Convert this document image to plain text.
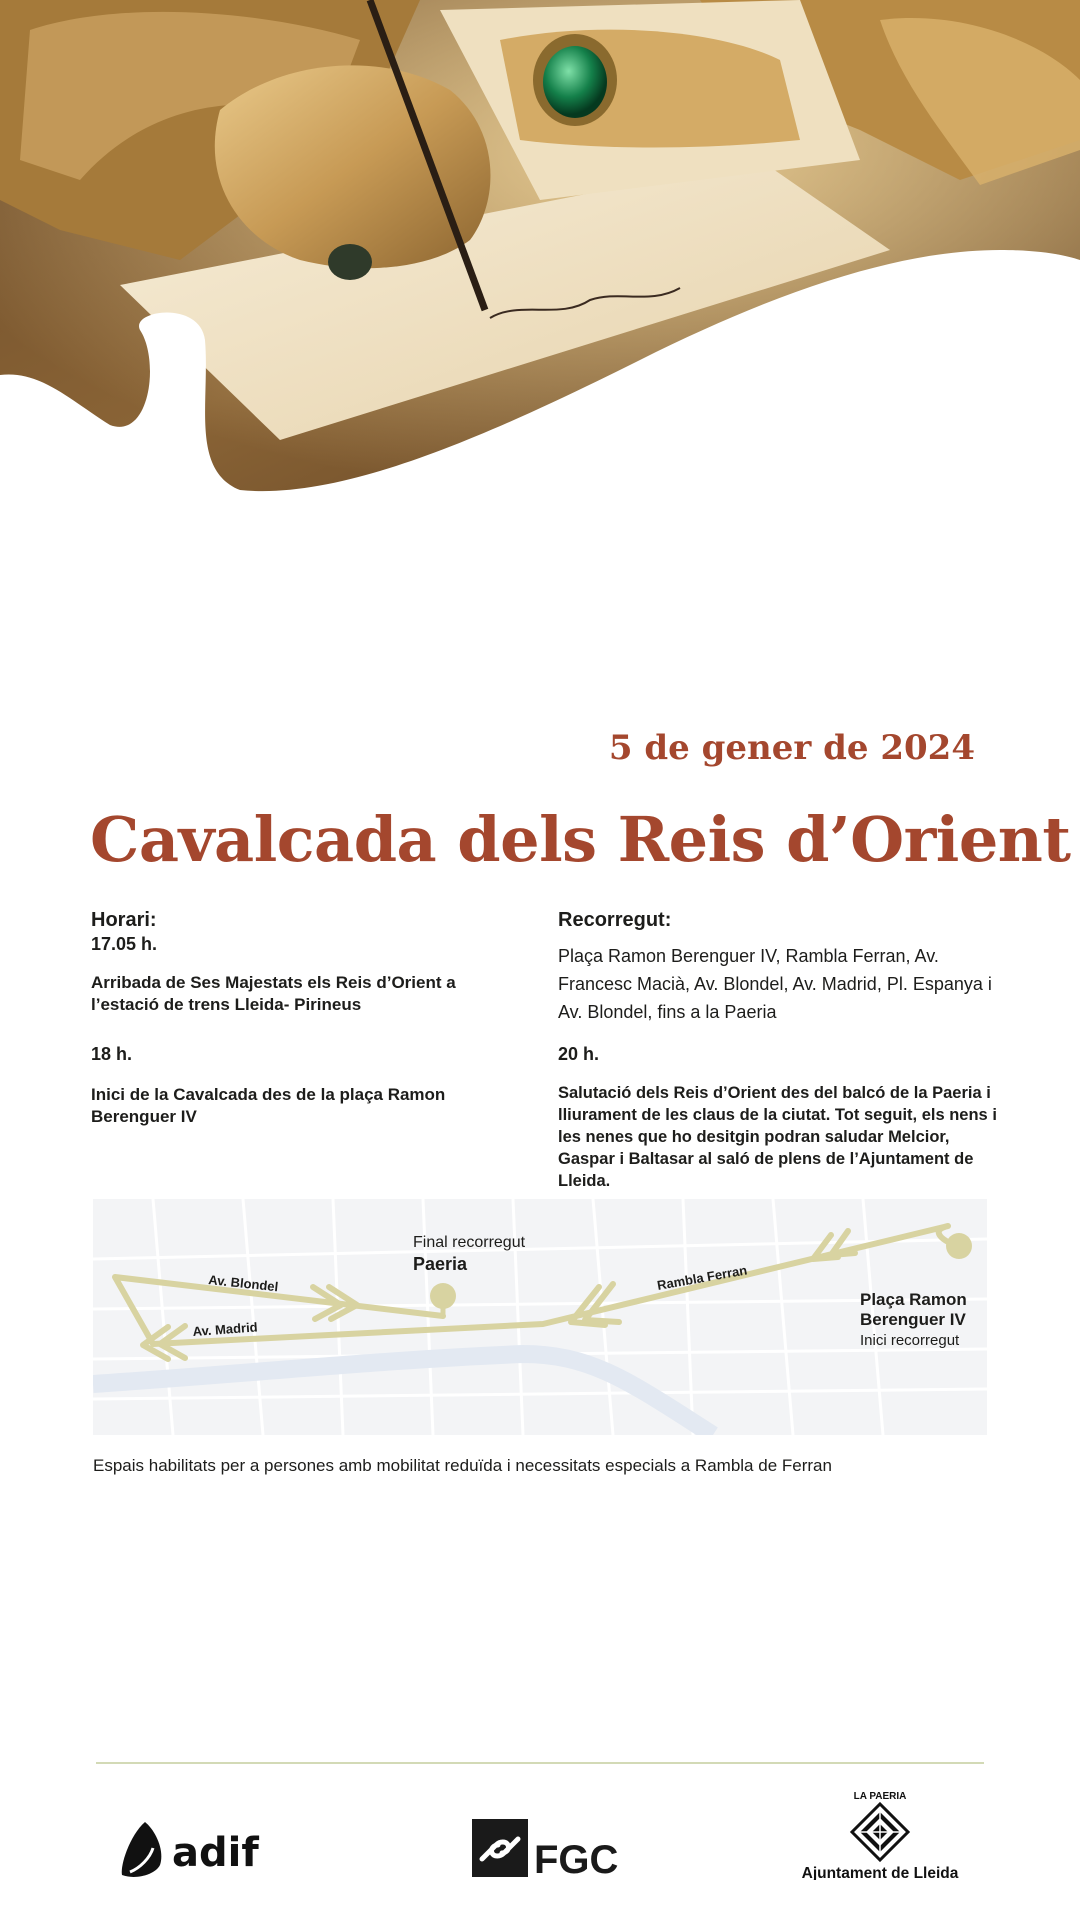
5 de gener de 2024
Cavalcada dels Reis d’Orient

Horari:

17.05 h.

Arribada de Ses Majestats els Reis d’Orient a l’estació de trens Lleida- Pirineus

18 h.

Inici de la Cavalcada des de la plaça Ramon Berenguer IV

Recorregut:

Plaça Ramon Berenguer IV, Rambla Ferran, Av. Francesc Macià, Av. Blondel, Av. Madrid, Pl. Espanya i Av. Blondel, fins a la Paeria

20 h.

Salutació dels Reis d’Orient des del balcó de la Paeria i lliurament de les claus de la ciutat. Tot seguit, els nens i les nenes que ho desitgin podran saludar Melcior, Gaspar i Baltasar al saló de plens de l’Ajuntament de Lleida.

Av. Blondel
Av. Madrid
Rambla Ferran
Final recorregut
Paeria
Plaça Ramon
Berenguer IV
Inici recorregut
Espais habilitats per a persones amb mobilitat reduïda i necessitats especials a Rambla de Ferran
adif	FGC
LA PAERIA
Ajuntament de Lleida
